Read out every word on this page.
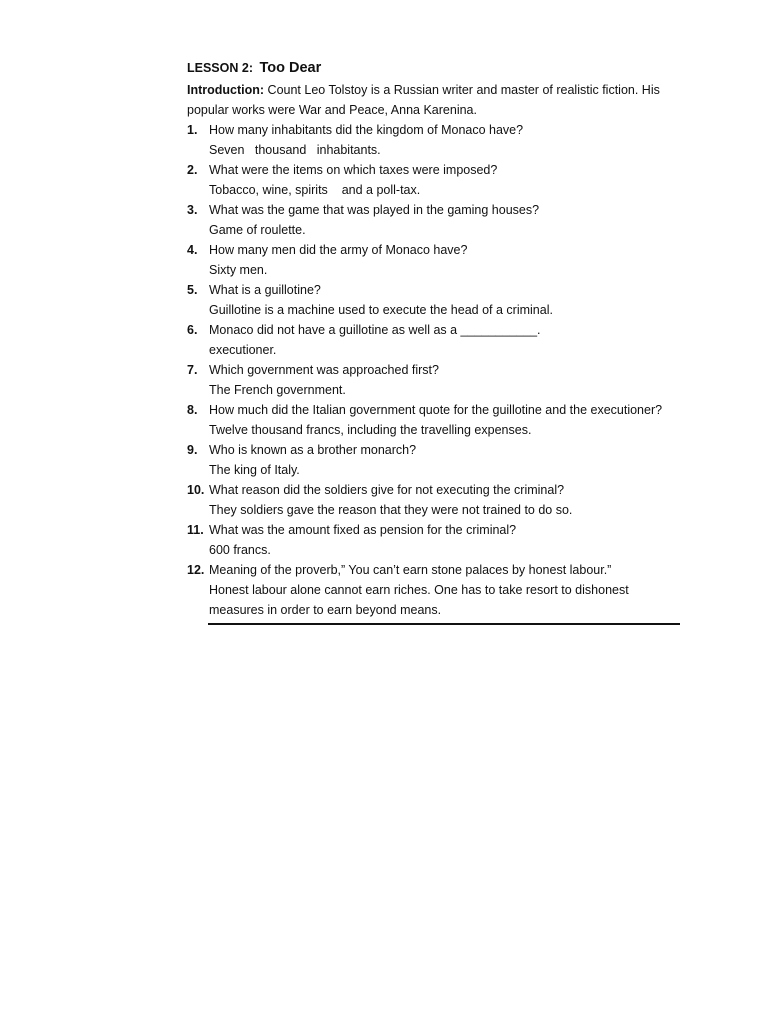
LESSON 2: Too Dear

Introduction: Count Leo Tolstoy is a Russian writer and master of realistic fiction. His popular works were War and Peace, Anna Karenina.

1. How many inhabitants did the kingdom of Monaco have?
Seven   thousand   inhabitants.
2. What were the items on which taxes were imposed?
Tobacco, wine, spirits    and a poll-tax.
3. What was the game that was played in the gaming houses?
Game of roulette.
4. How many men did the army of Monaco have?
Sixty men.
5. What is a guillotine?
Guillotine is a machine used to execute the head of a criminal.
6. Monaco did not have a guillotine as well as a ___________.
executioner.
7. Which government was approached first?
The French government.
8. How much did the Italian government quote for the guillotine and the executioner?
Twelve thousand francs, including the travelling expenses.
9. Who is known as a brother monarch?
The king of Italy.
10. What reason did the soldiers give for not executing the criminal?
They soldiers gave the reason that they were not trained to do so.
11. What was the amount fixed as pension for the criminal?
600 francs.
12. Meaning of the proverb,” You can’t earn stone palaces by honest labour.”
Honest labour alone cannot earn riches. One has to take resort to dishonest measures in order to earn beyond means.
